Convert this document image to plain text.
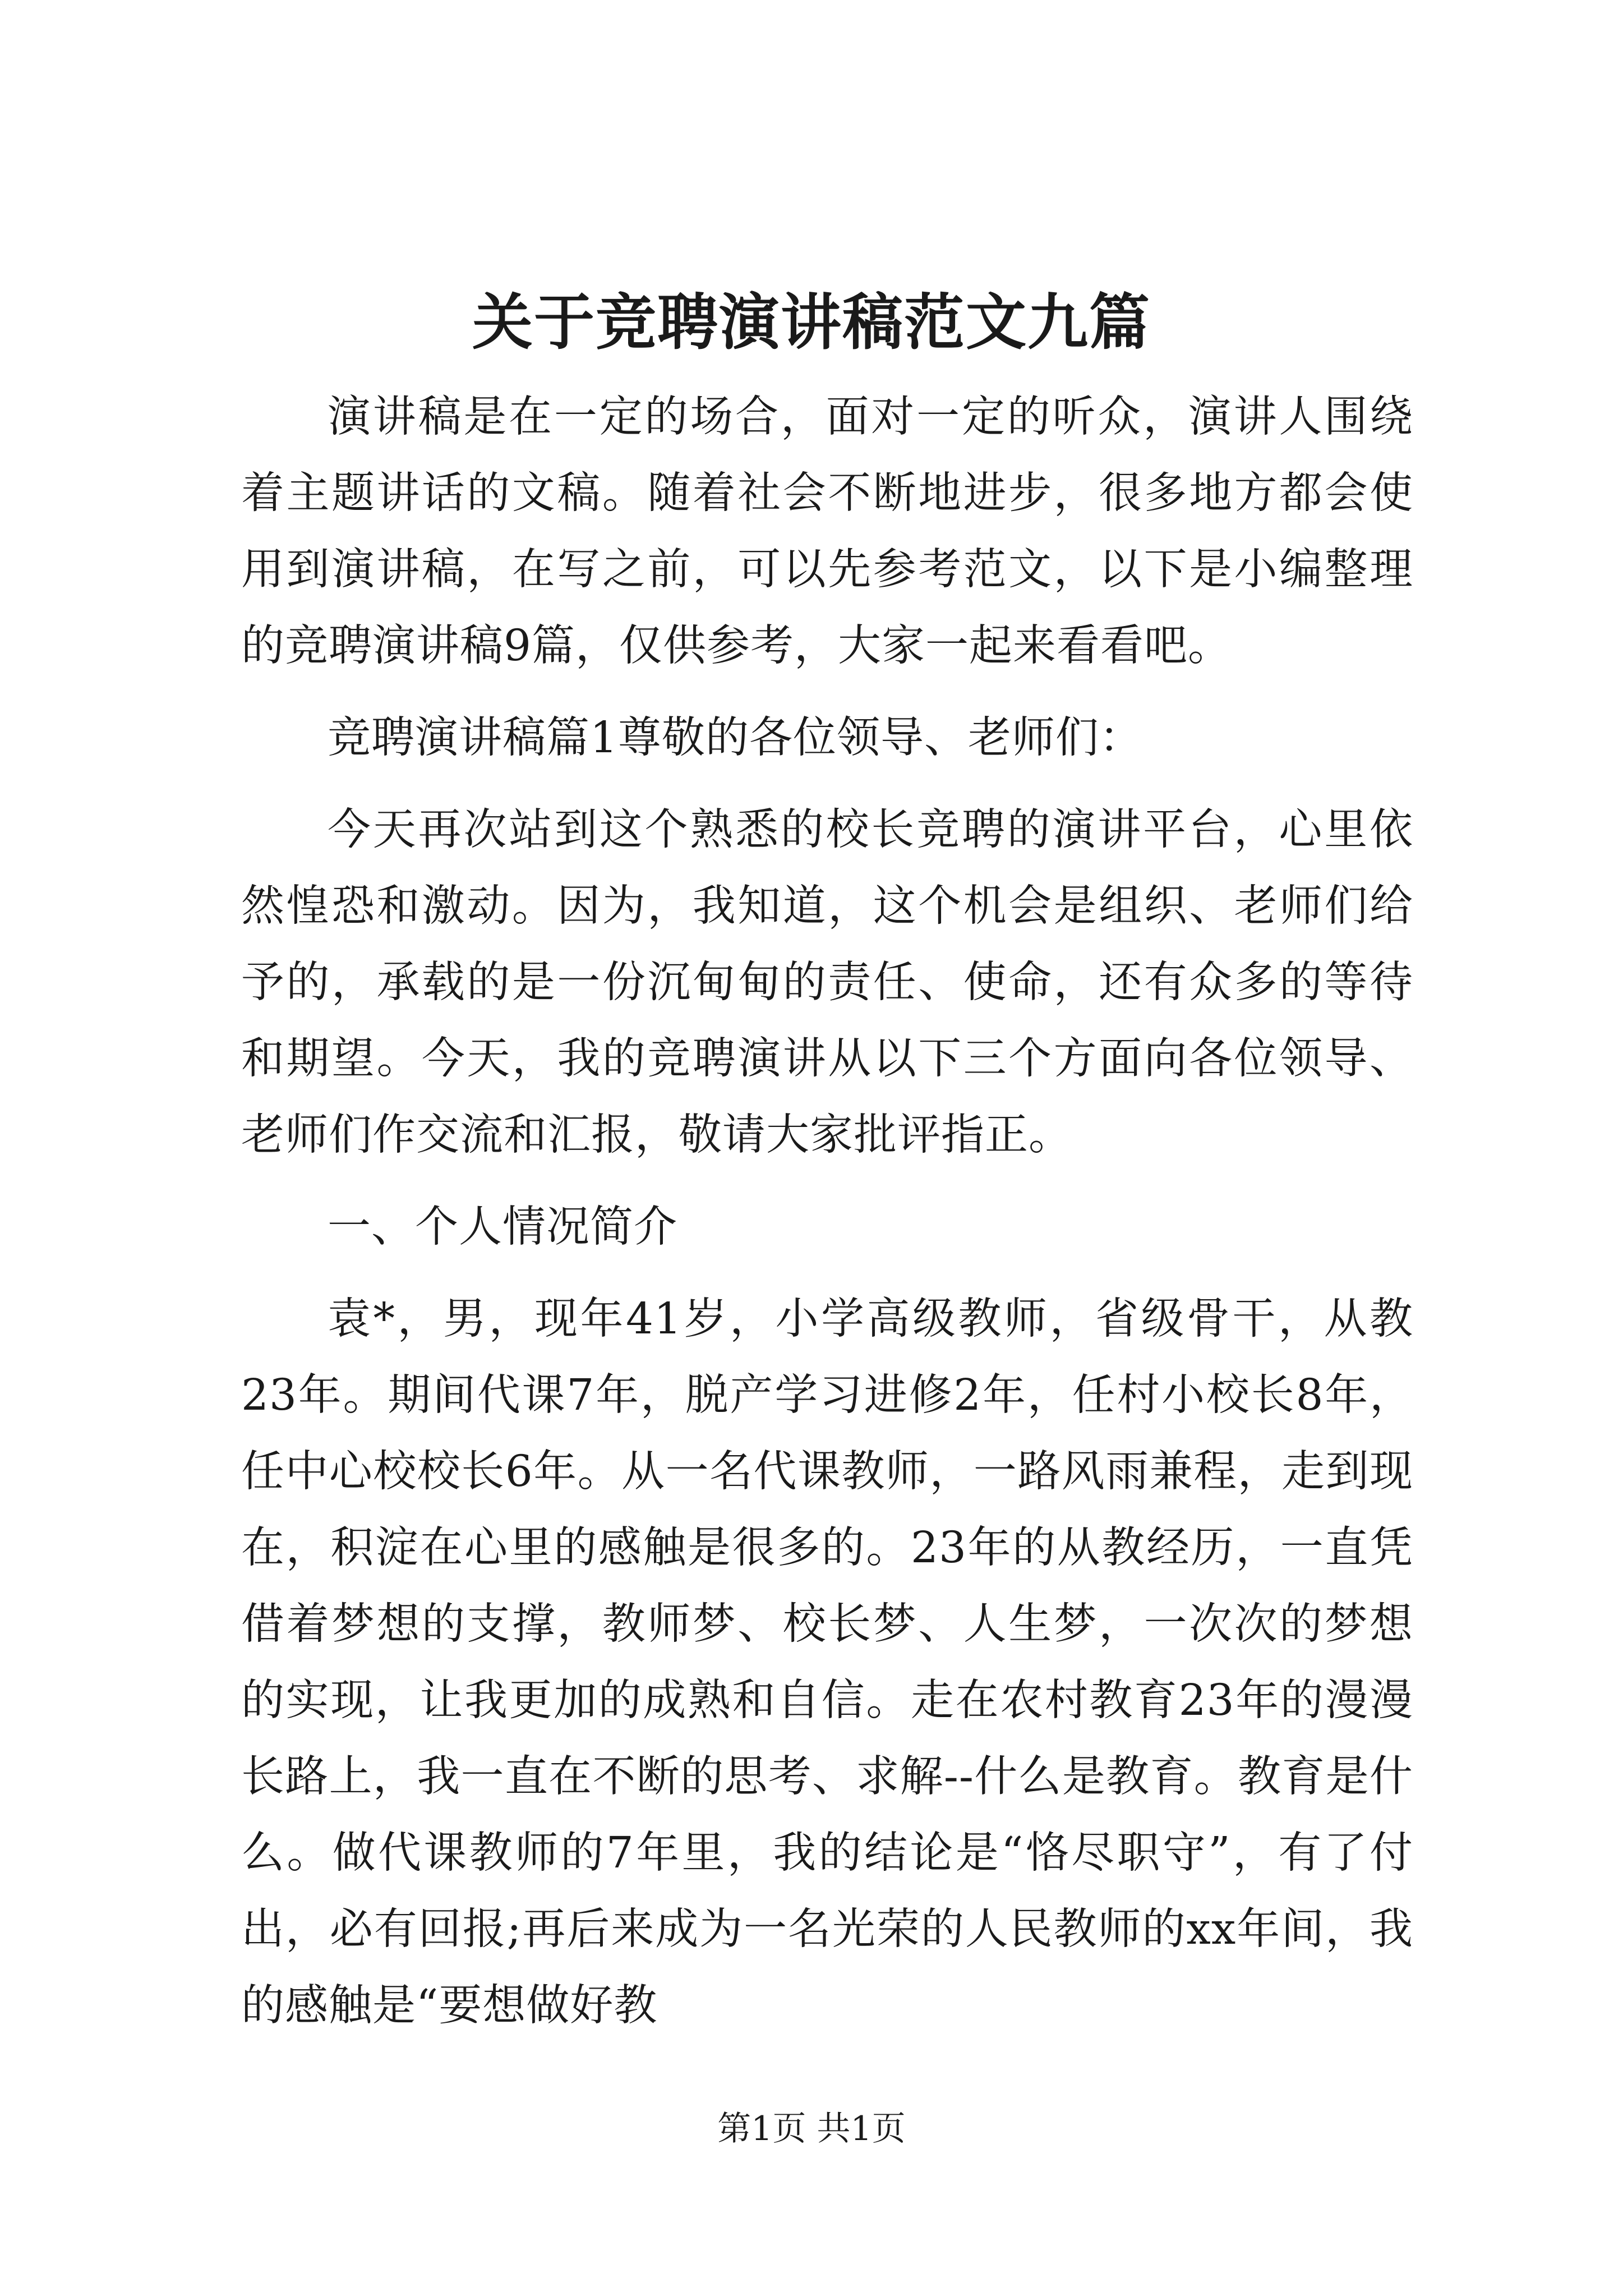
关于竞聘演讲稿范文九篇

演讲稿是在一定的场合，面对一定的听众，演讲人围绕着主题讲话的文稿。随着社会不断地进步，很多地方都会使用到演讲稿，在写之前，可以先参考范文，以下是小编整理的竞聘演讲稿9篇，仅供参考，大家一起来看看吧。

竞聘演讲稿篇1尊敬的各位领导、老师们：

今天再次站到这个熟悉的校长竞聘的演讲平台，心里依然惶恐和激动。因为，我知道，这个机会是组织、老师们给予的，承载的是一份沉甸甸的责任、使命，还有众多的等待和期望。今天，我的竞聘演讲从以下三个方面向各位领导、老师们作交流和汇报，敬请大家批评指正。

一、个人情况简介

袁*，男，现年41岁，小学高级教师，省级骨干，从教23年。期间代课7年，脱产学习进修2年，任村小校长8年，任中心校校长6年。从一名代课教师，一路风雨兼程，走到现在，积淀在心里的感触是很多的。23年的从教经历，一直凭借着梦想的支撑，教师梦、校长梦、人生梦，一次次的梦想的实现，让我更加的成熟和自信。走在农村教育23年的漫漫长路上，我一直在不断的思考、求解--什么是教育。教育是什么。做代课教师的7年里，我的结论是“恪尽职守”，有了付出，必有回报;再后来成为一名光荣的人民教师的xx年间，我的感触是“要想做好教

第1页 共1页
